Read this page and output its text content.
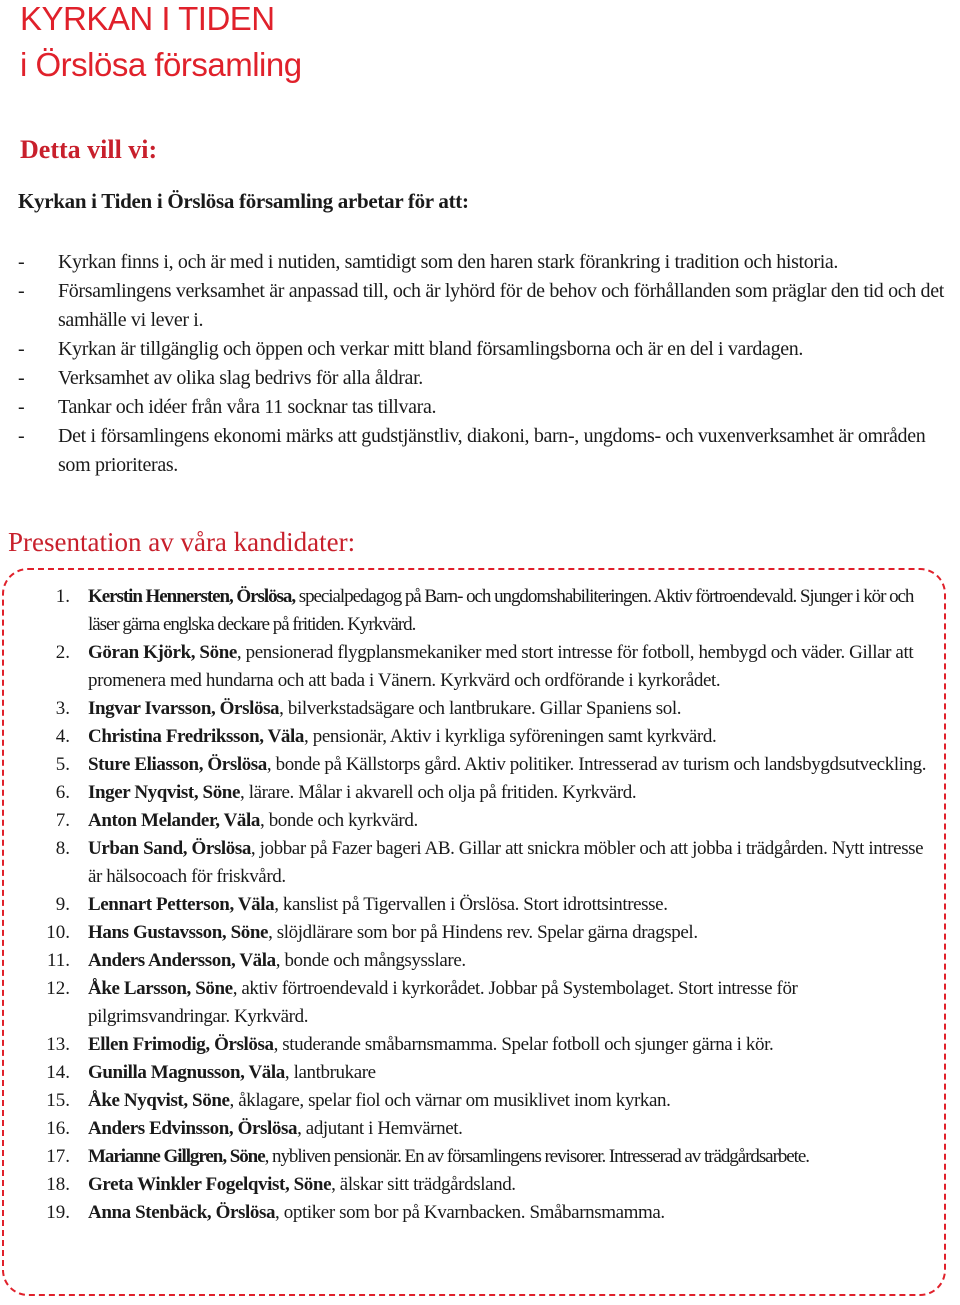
KYRKAN I TIDEN
i Örslösa församling
Detta vill vi:
Kyrkan i Tiden i Örslösa församling arbetar för att:
-	Kyrkan finns i, och är med i nutiden, samtidigt som den haren stark förankring i tradition och historia.
-	Församlingens verksamhet är anpassad till, och är lyhörd för de behov och förhållanden som präglar den tid och det samhälle vi lever i.
-	Kyrkan är tillgänglig och öppen och verkar mitt bland församlingsborna och är en del i vardagen.
-	Verksamhet av olika slag bedrivs för alla åldrar.
-	Tankar och idéer från våra 11 socknar tas tillvara.
-	Det i församlingens ekonomi märks att gudstjänstliv, diakoni, barn-, ungdoms- och vuxenverksamhet är områden som prioriteras.
Presentation av våra kandidater:
1. Kerstin Hennersten, Örslösa, specialpedagog på Barn- och ungdomshabiliteringen. Aktiv förtroendevald. Sjunger i kör och läser gärna englska deckare på fritiden. Kyrkvärd.
2. Göran Kjörk, Söne, pensionerad flygplansmekaniker med stort intresse för fotboll, hembygd och väder. Gillar att promenera med hundarna och att bada i Vänern. Kyrkvärd och ordförande i kyrkorådet.
3. Ingvar Ivarsson, Örslösa, bilverkstadsägare och lantbrukare. Gillar Spaniens sol.
4. Christina Fredriksson, Väla, pensionär, Aktiv i kyrkliga syföreningen samt kyrkvärd.
5. Sture Eliasson, Örslösa, bonde på Källstorps gård. Aktiv politiker. Intresserad av turism och landsbygdsutveckling.
6. Inger Nyqvist, Söne, lärare. Målar i akvarell och olja på fritiden. Kyrkvärd.
7. Anton Melander, Väla, bonde och kyrkvärd.
8. Urban Sand, Örslösa, jobbar på Fazer bageri AB. Gillar att snickra möbler och att jobba i trädgården. Nytt intresse är hälsocoach för friskvård.
9. Lennart Petterson, Väla, kanslist på Tigervallen i Örslösa. Stort idrottsintresse.
10. Hans Gustavsson, Söne, slöjdlärare som bor på Hindens rev. Spelar gärna dragspel.
11. Anders Andersson, Väla, bonde och mångsysslare.
12. Åke Larsson, Söne, aktiv förtroendevald i kyrkorådet. Jobbar på Systembolaget. Stort intresse för pilgrimsvandringar. Kyrkvärd.
13. Ellen Frimodig, Örslösa, studerande småbarnsmamma. Spelar fotboll och sjunger gärna i kör.
14. Gunilla Magnusson, Väla, lantbrukare
15. Åke Nyqvist, Söne, åklagare, spelar fiol och värnar om musiklivet inom kyrkan.
16. Anders Edvinsson, Örslösa, adjutant i Hemvärnet.
17. Marianne Gillgren, Söne, nybliven pensionär. En av församlingens revisorer. Intresserad av trädgårdsarbete.
18. Greta Winkler Fogelqvist, Söne, älskar sitt trädgårdsland.
19. Anna Stenbäck, Örslösa, optiker som bor på Kvarnbacken. Småbarnsmamma.
